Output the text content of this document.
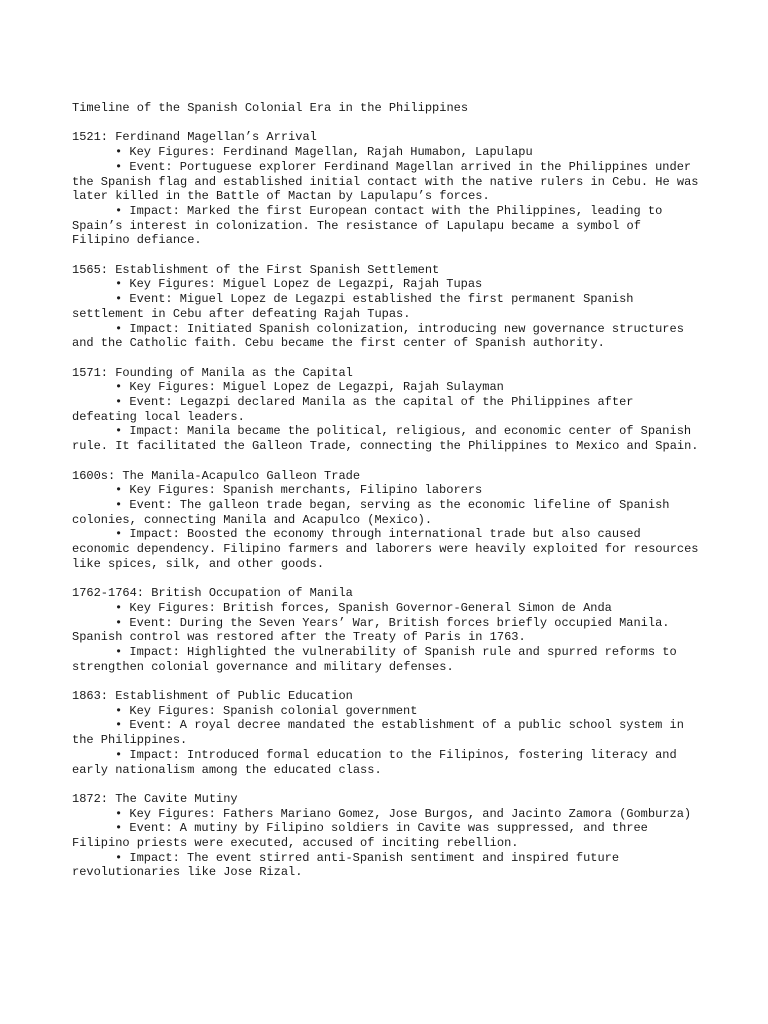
Timeline of the Spanish Colonial Era in the Philippines

1521: Ferdinand Magellan’s Arrival

• Key Figures: Ferdinand Magellan, Rajah Humabon, Lapulapu

• Event: Portuguese explorer Ferdinand Magellan arrived in the Philippines under the Spanish flag and established initial contact with the native rulers in Cebu. He was later killed in the Battle of Mactan by Lapulapu’s forces.

• Impact: Marked the first European contact with the Philippines, leading to Spain’s interest in colonization. The resistance of Lapulapu became a symbol of Filipino defiance.

1565: Establishment of the First Spanish Settlement

• Key Figures: Miguel Lopez de Legazpi, Rajah Tupas

• Event: Miguel Lopez de Legazpi established the first permanent Spanish settlement in Cebu after defeating Rajah Tupas.

• Impact: Initiated Spanish colonization, introducing new governance structures and the Catholic faith. Cebu became the first center of Spanish authority.

1571: Founding of Manila as the Capital

• Key Figures: Miguel Lopez de Legazpi, Rajah Sulayman

• Event: Legazpi declared Manila as the capital of the Philippines after defeating local leaders.

• Impact: Manila became the political, religious, and economic center of Spanish rule. It facilitated the Galleon Trade, connecting the Philippines to Mexico and Spain.

1600s: The Manila-Acapulco Galleon Trade

• Key Figures: Spanish merchants, Filipino laborers

• Event: The galleon trade began, serving as the economic lifeline of Spanish colonies, connecting Manila and Acapulco (Mexico).

• Impact: Boosted the economy through international trade but also caused economic dependency. Filipino farmers and laborers were heavily exploited for resources like spices, silk, and other goods.

1762-1764: British Occupation of Manila

• Key Figures: British forces, Spanish Governor-General Simon de Anda

• Event: During the Seven Years’ War, British forces briefly occupied Manila. Spanish control was restored after the Treaty of Paris in 1763.

• Impact: Highlighted the vulnerability of Spanish rule and spurred reforms to strengthen colonial governance and military defenses.

1863: Establishment of Public Education

• Key Figures: Spanish colonial government

• Event: A royal decree mandated the establishment of a public school system in the Philippines.

• Impact: Introduced formal education to the Filipinos, fostering literacy and early nationalism among the educated class.

1872: The Cavite Mutiny

• Key Figures: Fathers Mariano Gomez, Jose Burgos, and Jacinto Zamora (Gomburza)

• Event: A mutiny by Filipino soldiers in Cavite was suppressed, and three Filipino priests were executed, accused of inciting rebellion.

• Impact: The event stirred anti-Spanish sentiment and inspired future revolutionaries like Jose Rizal.
